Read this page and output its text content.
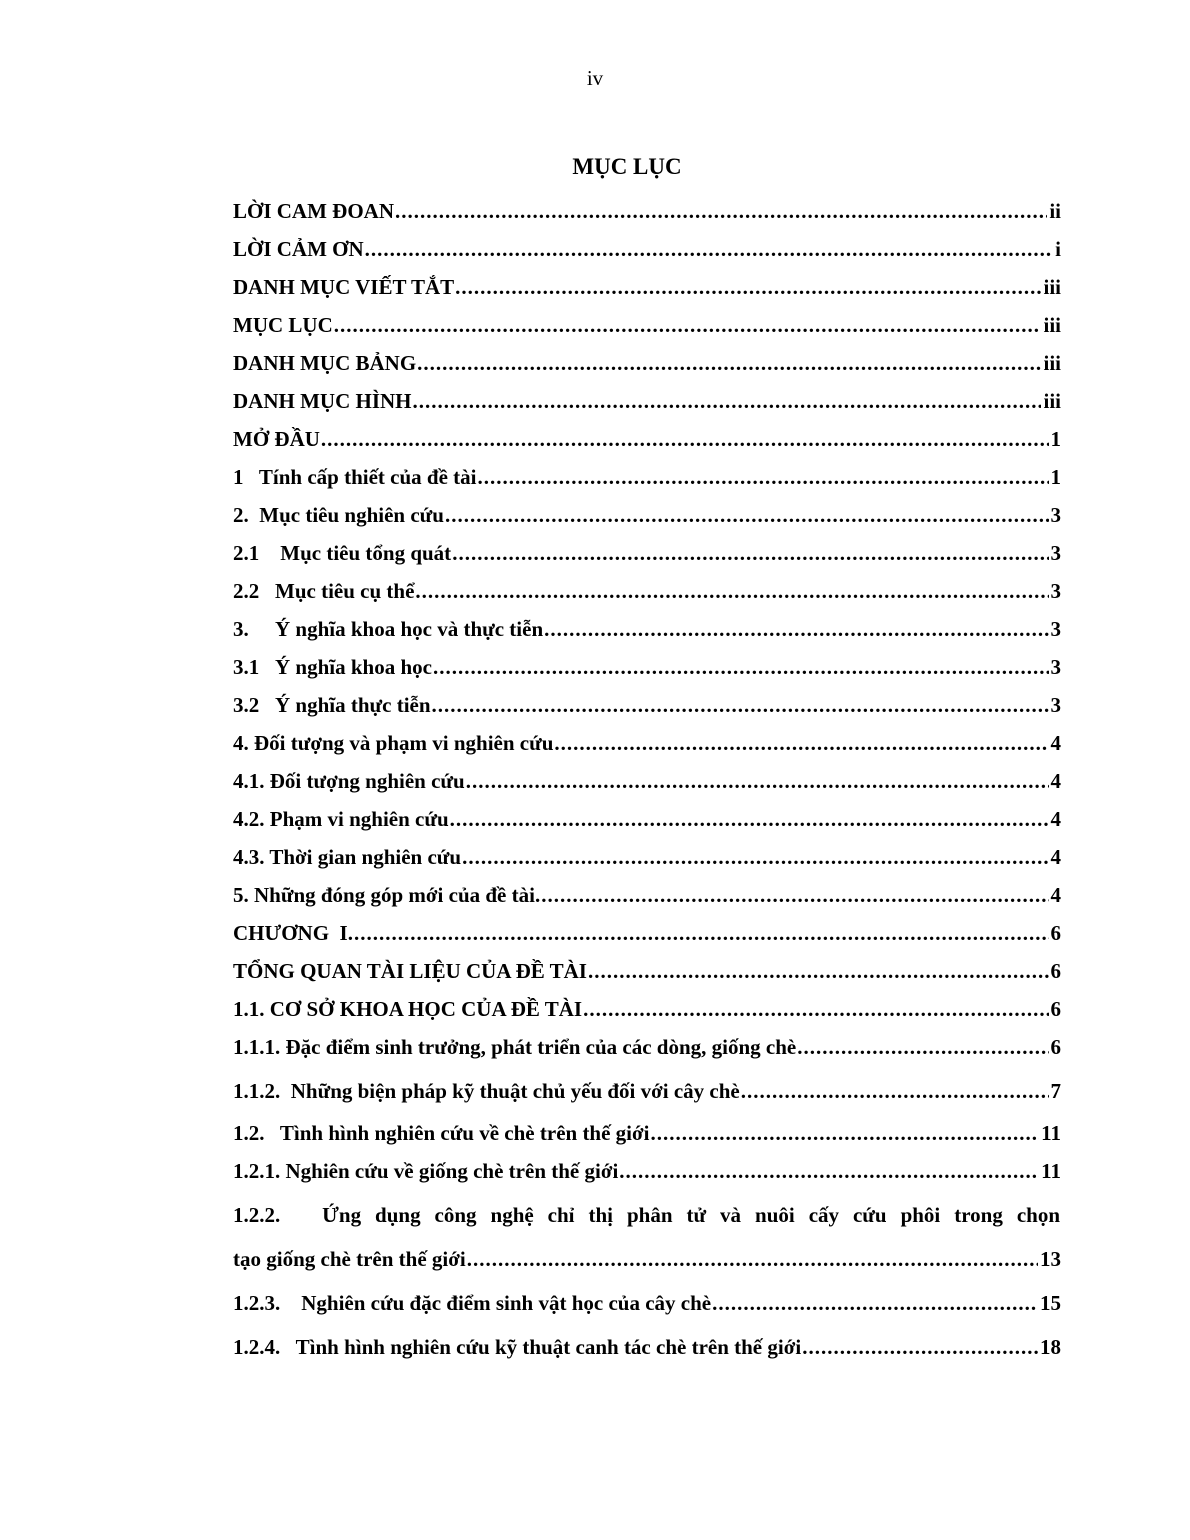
iv
MỤC LỤC
LỜI CAM ĐOAN .....	ii
LỜI CẢM ƠN .....	i
DANH MỤC VIẾT TẮT .....	iii
MỤC LỤC .....	iii
DANH MỤC BẢNG .....	iii
DANH MỤC HÌNH .....	iii
MỞ ĐẦU .....	1
1   Tính cấp thiết của đề tài .....	1
2.  Mục tiêu nghiên cứu .....	3
2.1    Mục tiêu tổng quát .....	3
2.2   Mục tiêu cụ thể .....	3
3.     Ý nghĩa khoa học và thực tiễn .....	3
3.1   Ý nghĩa khoa học .....	3
3.2   Ý nghĩa thực tiễn .....	3
4. Đối tượng và phạm vi nghiên cứu .....	4
4.1. Đối tượng nghiên cứu .....	4
4.2. Phạm vi nghiên cứu .....	4
4.3. Thời gian nghiên cứu .....	4
5. Những đóng góp mới của đề tài. .....	4
CHƯƠNG  I. .....	6
TỔNG QUAN TÀI LIỆU CỦA ĐỀ TÀI .....	6
1.1. CƠ SỞ KHOA HỌC CỦA ĐỀ TÀI .....	6
1.1.1. Đặc điểm sinh trưởng, phát triển của các dòng, giống chè .....	6
1.1.2.  Những biện pháp kỹ thuật chủ yếu đối với cây chè .....	7
1.2.   Tình hình nghiên cứu về chè trên thế giới .....	11
1.2.1. Nghiên cứu về giống chè trên thế giới .....	11
1.2.2.   Ứng dụng công nghệ chỉ thị phân tử và nuôi cấy cứu phôi trong chọn
tạo giống chè trên thế giới .....	13
1.2.3.    Nghiên cứu đặc điểm sinh vật học của cây chè .....	15
1.2.4.   Tình hình nghiên cứu kỹ thuật canh tác chè trên thế giới .....	18
